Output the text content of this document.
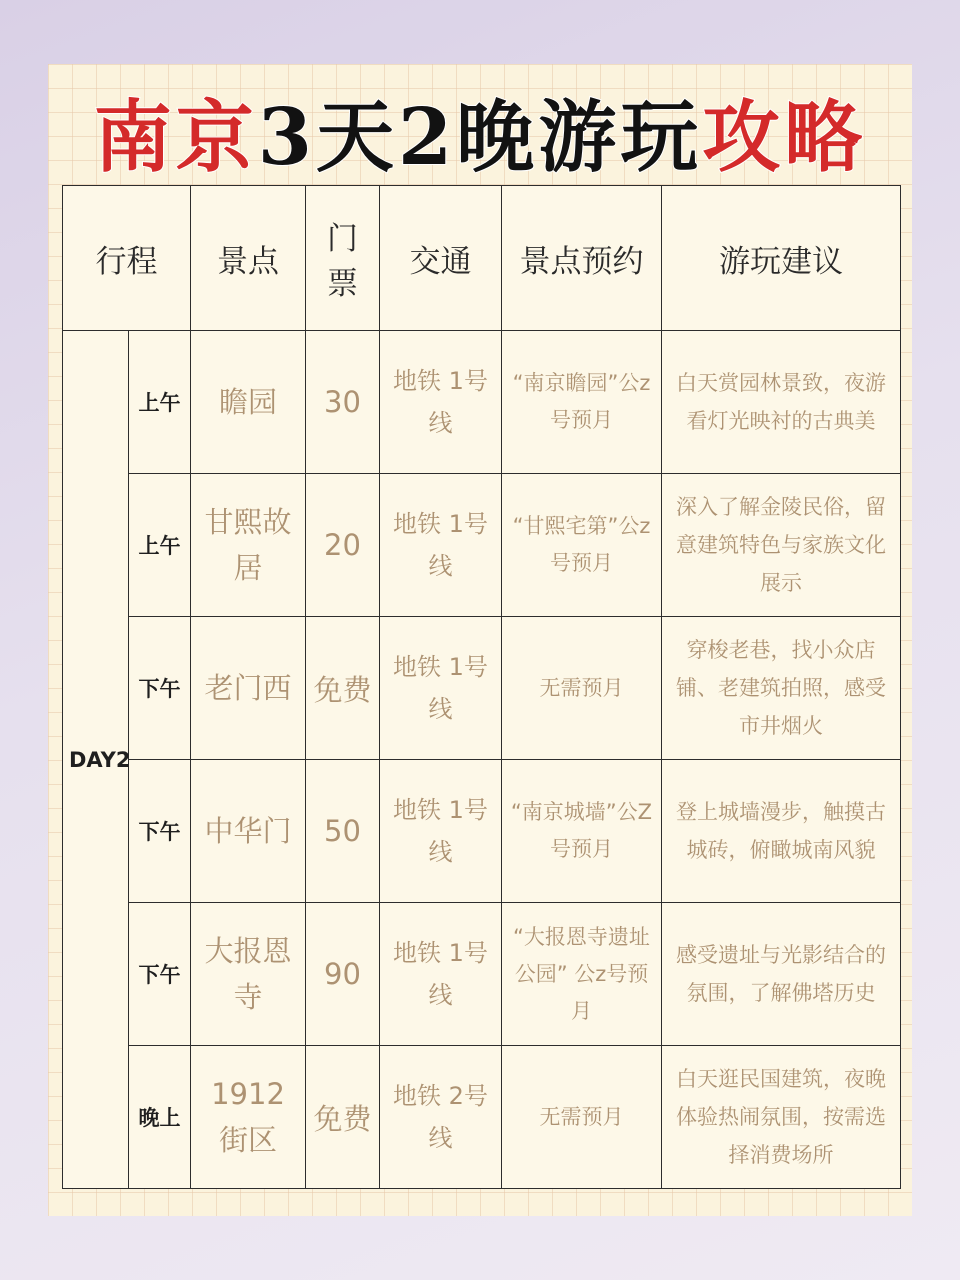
南京 3天2晚游玩 攻略
行程		景点	门票	交通	景点预约	游玩建议
DAY2	上午	瞻园	30	地铁 1号线	“南京瞻园”公z号预月	白天赏园林景致，夜游看灯光映衬的古典美
	上午	甘熙故居	20	地铁 1号线	“甘熙宅第”公z号预月	深入了解金陵民俗，留意建筑特色与家族文化展示
	下午	老门西	免费	地铁 1号线	无需预月	穿梭老巷，找小众店铺、老建筑拍照，感受市井烟火
	下午	中华门	50	地铁 1号线	“南京城墙”公Z号预月	登上城墙漫步，触摸古城砖，俯瞰城南风貌
	下午	大报恩寺	90	地铁 1号线	“大报恩寺遗址公园” 公z号预月	感受遗址与光影结合的氛围，了解佛塔历史
	晚上	1912街区	免费	地铁 2号线	无需预月	白天逛民国建筑，夜晚体验热闹氛围，按需选择消费场所
